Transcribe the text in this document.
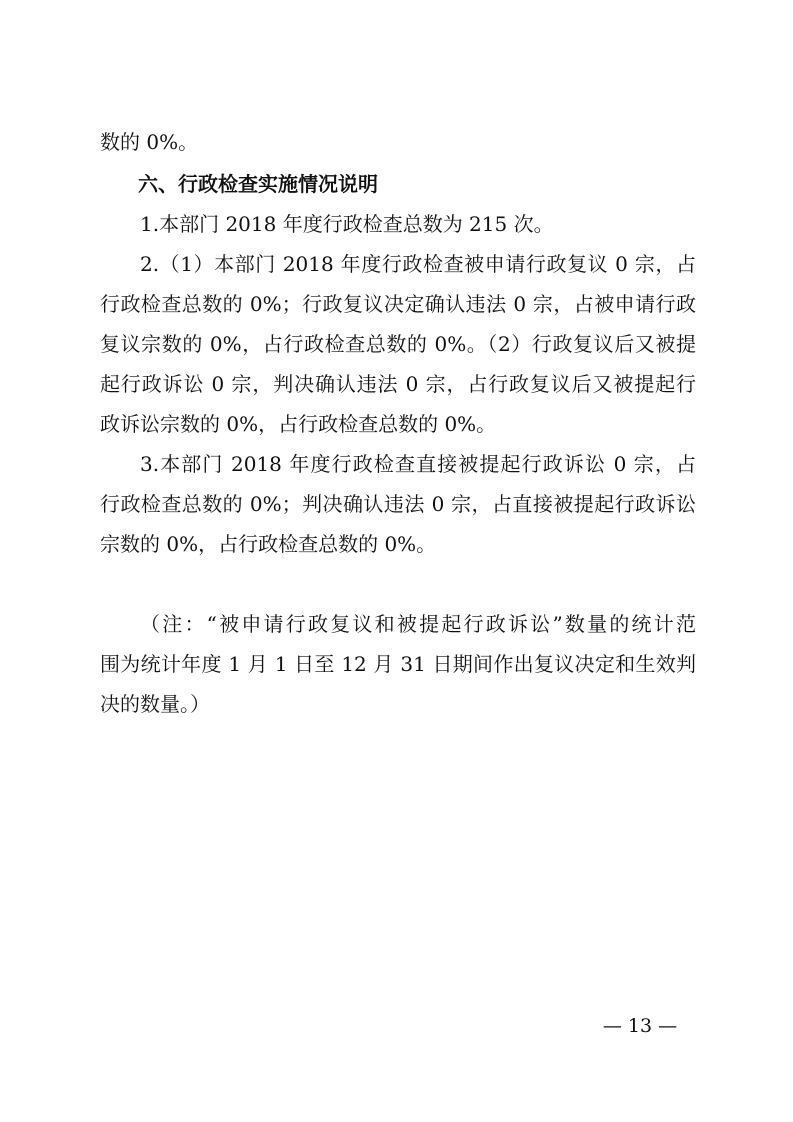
数的 0%。
六、行政检查实施情况说明
1.本部门 2018 年度行政检查总数为 215 次。
2.（1）本部门 2018 年度行政检查被申请行政复议 0 宗，占
行政检查总数的 0%；行政复议决定确认违法 0 宗，占被申请行政
复议宗数的 0%，占行政检查总数的 0%。（2）行政复议后又被提
起行政诉讼 0 宗，判决确认违法 0 宗，占行政复议后又被提起行
政诉讼宗数的 0%，占行政检查总数的 0%。
3.本部门 2018 年度行政检查直接被提起行政诉讼 0 宗，占
行政检查总数的 0%；判决确认违法 0 宗，占直接被提起行政诉讼
宗数的 0%，占行政检查总数的 0%。
（注：“被申请行政复议和被提起行政诉讼”数量的统计范
围为统计年度 1 月 1 日至 12 月 31 日期间作出复议决定和生效判
决的数量。）
— 13 —
